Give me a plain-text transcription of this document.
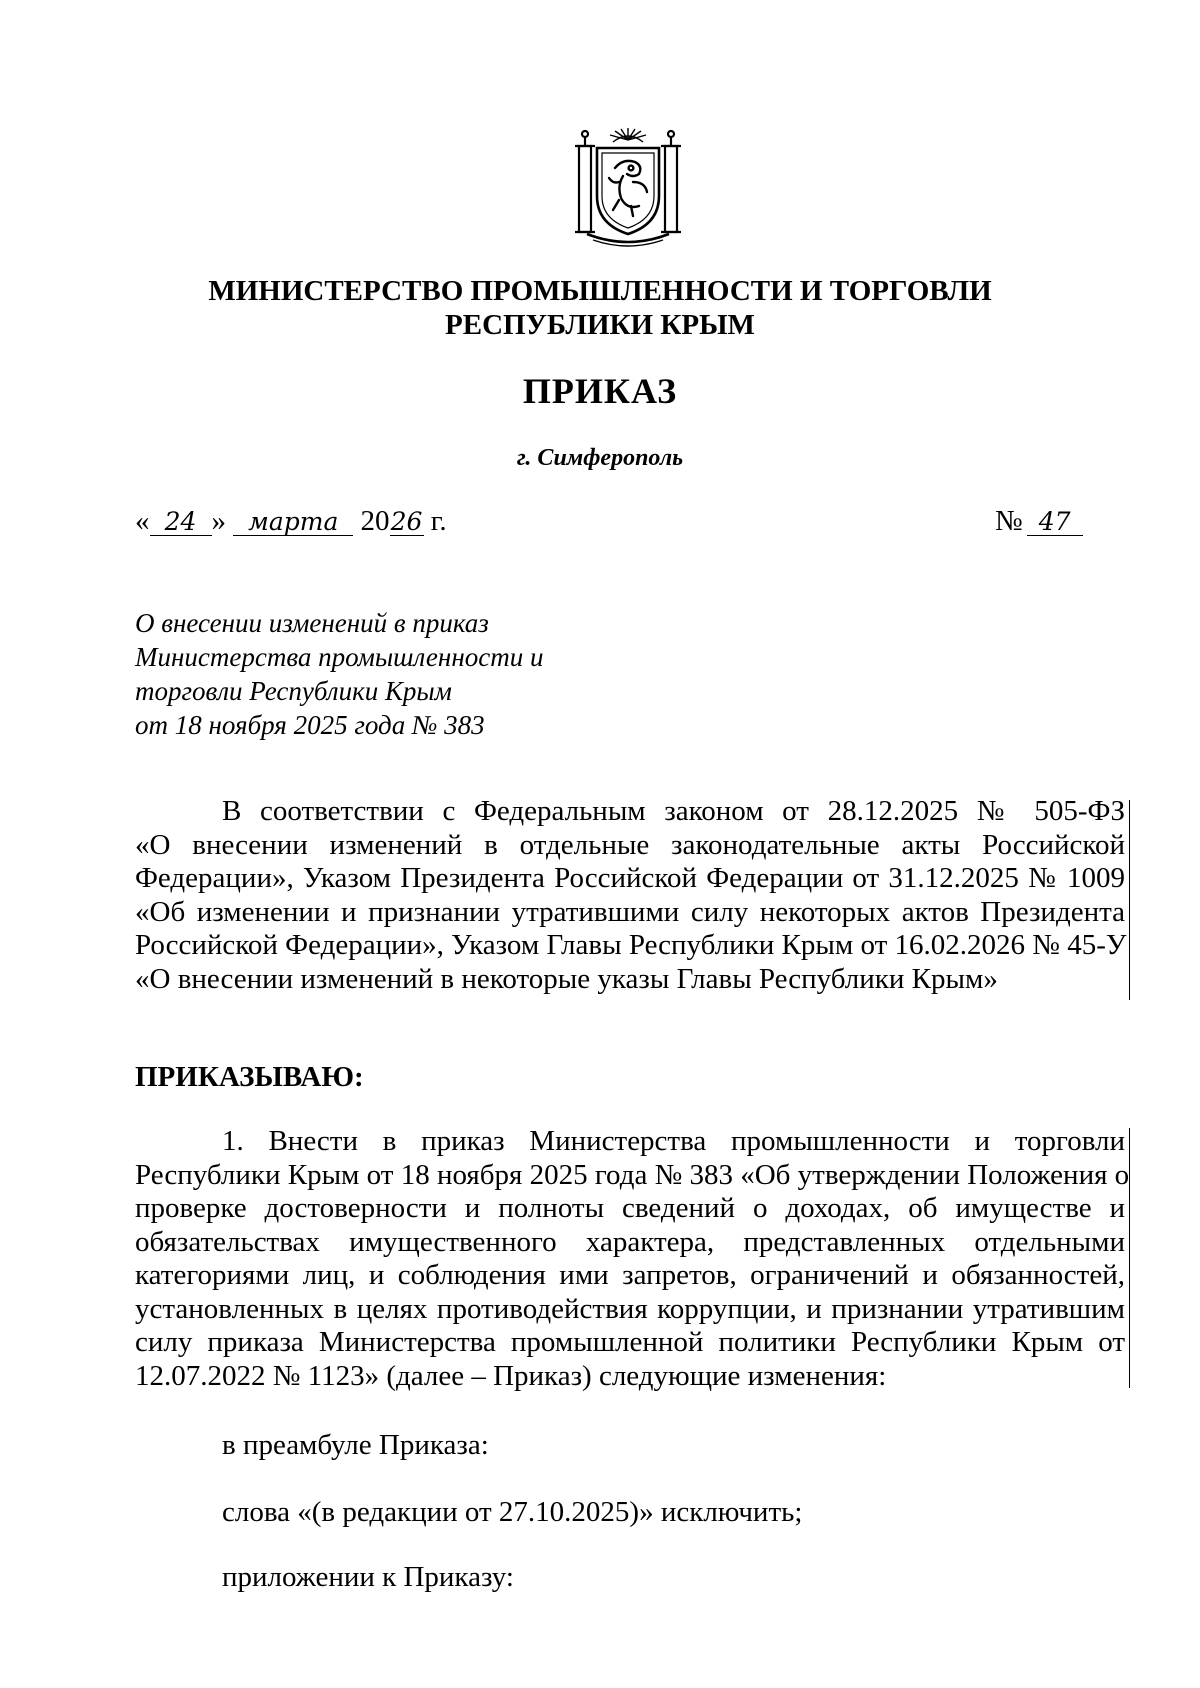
МИНИСТЕРСТВО ПРОМЫШЛЕННОСТИ И ТОРГОВЛИ
РЕСПУБЛИКИ КРЫМ
ПРИКАЗ
г. Симферополь
« 24 » марта 2026 г.	№ 47
О внесении изменений в приказ
Министерства промышленности и
торговли Республики Крым
от 18 ноября 2025 года № 383
В соответствии с Федеральным законом от 28.12.2025 № 505-ФЗ
«О внесении изменений в отдельные законодательные акты Российской
Федерации», Указом Президента Российской Федерации от 31.12.2025 № 1009
«Об изменении и признании утратившими силу некоторых актов Президента
Российской Федерации», Указом Главы Республики Крым от 16.02.2026 № 45-У
«О внесении изменений в некоторые указы Главы Республики Крым»
ПРИКАЗЫВАЮ:
1. Внести в приказ Министерства промышленности и торговли
Республики Крым от 18 ноября 2025 года № 383 «Об утверждении Положения о
проверке достоверности и полноты сведений о доходах, об имуществе и
обязательствах имущественного характера, представленных отдельными
категориями лиц, и соблюдения ими запретов, ограничений и обязанностей,
установленных в целях противодействия коррупции, и признании утратившим
силу приказа Министерства промышленной политики Республики Крым от
12.07.2022 № 1123» (далее – Приказ) следующие изменения:
в преамбуле Приказа:
слова «(в редакции от 27.10.2025)» исключить;
приложении к Приказу:
